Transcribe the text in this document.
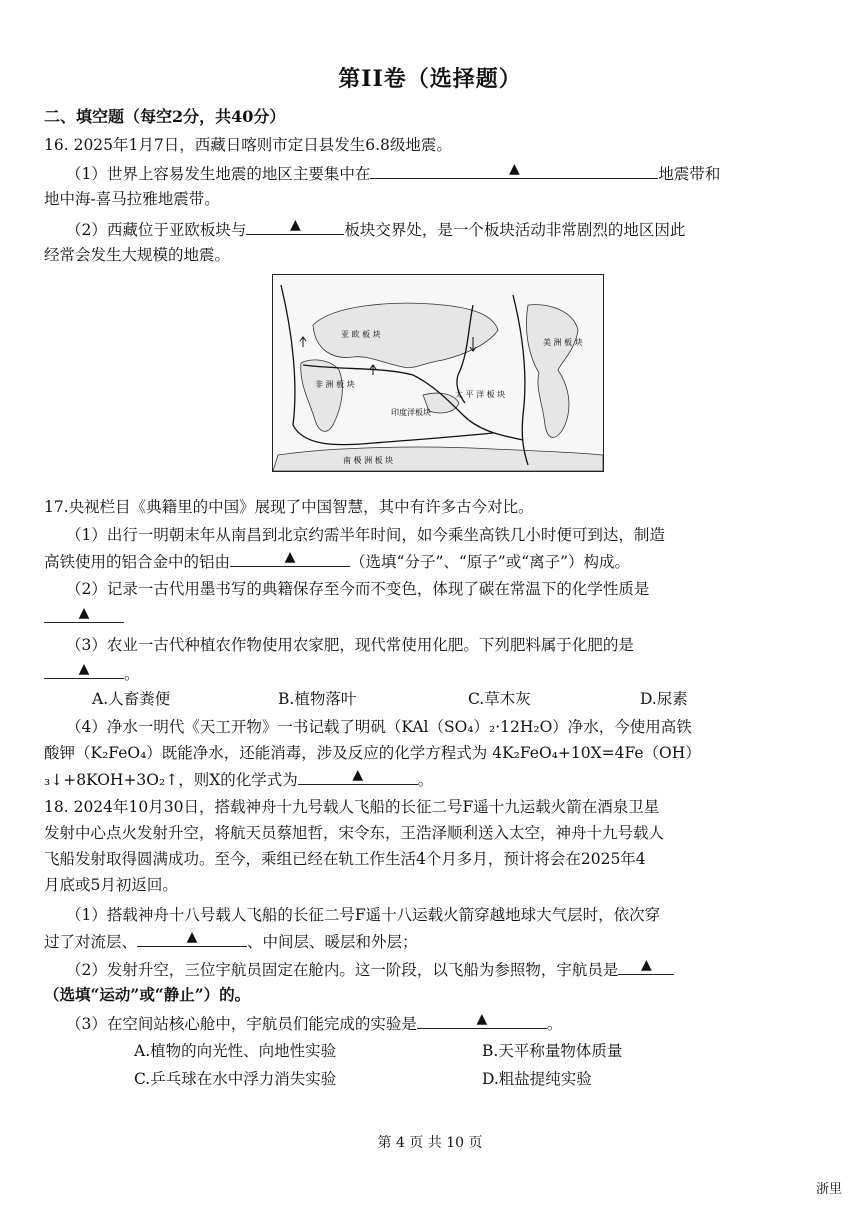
第II卷（选择题）
二、填空题（每空2分，共40分）
16. 2025年1月7日，西藏日喀则市定日县发生6.8级地震。
（1）世界上容易发生地震的地区主要集中在	▲	地震带和
地中海-喜马拉雅地震带。
（2）西藏位于亚欧板块与	▲	板块交界处，是一个板块活动非常剧烈的地区因此
经常会发生大规模的地震。
亚 欧 板 块
非 洲 板 块
印度洋板块
太 平 洋 板 块
美 洲 板 块
南 极 洲 板 块
17.央视栏目《典籍里的中国》展现了中国智慧，其中有许多古今对比。
（1）出行一明朝末年从南昌到北京约需半年时间，如今乘坐高铁几小时便可到达，制造
高铁使用的铝合金中的铝由	▲	（选填“分子”、“原子”或“离子”）构成。
（2）记录一古代用墨书写的典籍保存至今而不变色，体现了碳在常温下的化学性质是
▲
（3）农业一古代种植农作物使用农家肥，现代常使用化肥。下列肥料属于化肥的是
▲ 。
A.人畜粪便	B.植物落叶	C.草木灰	D.尿素
（4）净水一明代《天工开物》一书记载了明矾（KAl（SO₄）₂·12H₂O）净水，今使用高铁
酸钾（K₂FeO₄）既能净水，还能消毒，涉及反应的化学方程式为 4K₂FeO₄+10X=4Fe（OH）
₃↓+8KOH+3O₂↑，则X的化学式为	▲	。
18. 2024年10月30日，搭载神舟十九号载人飞船的长征二号F遥十九运载火箭在酒泉卫星
发射中心点火发射升空，将航天员蔡旭哲，宋令东，王浩泽顺利送入太空，神舟十九号载人
飞船发射取得圆满成功。至今，乘组已经在轨工作生活4个月多月，预计将会在2025年4
月底或5月初返回。
（1）搭载神舟十八号载人飞船的长征二号F遥十八运载火箭穿越地球大气层时，依次穿
过了对流层、	▲	、中间层、暖层和外层；
（2）发射升空，三位宇航员固定在舱内。这一阶段，以飞船为参照物，宇航员是 ▲
（选填“运动”或“静止”）的。
（3）在空间站核心舱中，宇航员们能完成的实验是	▲	。
A.植物的向光性、向地性实验	B.天平称量物体质量
C.乒乓球在水中浮力消失实验	D.粗盐提纯实验
第 4 页 共 10 页
浙里
